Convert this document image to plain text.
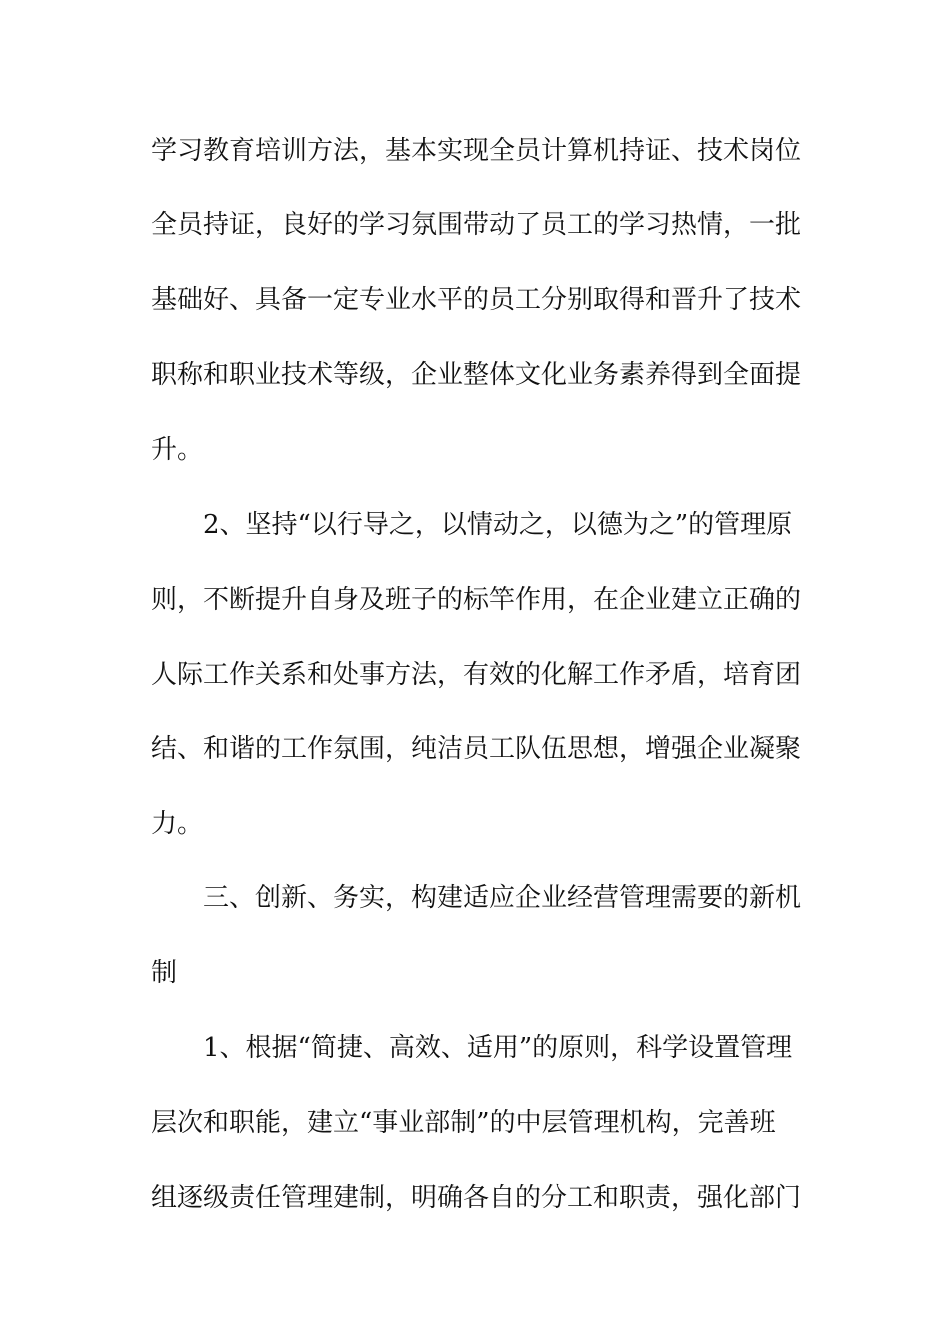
学习教育培训方法，基本实现全员计算机持证、技术岗位
全员持证，良好的学习氛围带动了员工的学习热情，一批
基础好、具备一定专业水平的员工分别取得和晋升了技术
职称和职业技术等级，企业整体文化业务素养得到全面提
升。
2、坚持“以行导之，以情动之，以德为之”的管理原
则，不断提升自身及班子的标竿作用，在企业建立正确的
人际工作关系和处事方法，有效的化解工作矛盾，培育团
结、和谐的工作氛围，纯洁员工队伍思想，增强企业凝聚
力。
三、创新、务实，构建适应企业经营管理需要的新机
制
1、根据“简捷、高效、适用”的原则，科学设置管理
层次和职能，建立“事业部制”的中层管理机构，完善班
组逐级责任管理建制，明确各自的分工和职责，强化部门
